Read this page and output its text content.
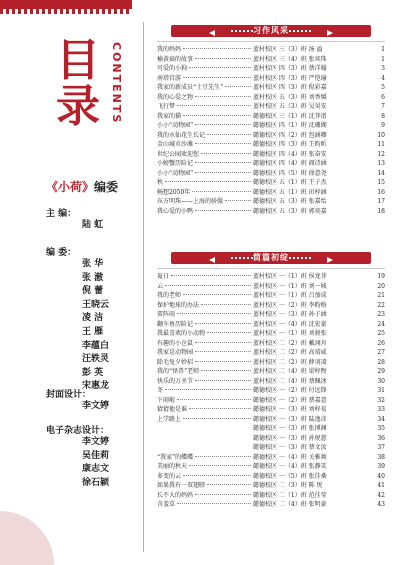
目录 CONTENTS
《小荷》编委
主 编：
陆 虹
编 委：
张 华
张 澈
倪 蕾
王晓云
凌 洁
王 雁
李蕴白
汪轶灵
彭 英
宋惠龙
封面设计：
李文婷
电子杂志设计：
李文婷
吴佳莉
康志文
徐石颖
习作风采
我的妈妈	蓝村校区 三（3）班 汤 溢	1
榆黄菇的故事	蓝村校区 三（4）班 张奕珠	1
可爱的小狗	蓝村校区 四（3）班 蔡洋翰	3
南塔宫游	蓝村校区 四（3）班 严恺瑜	4
我家的新成员“土豆先生”	蓝村校区 四（3）班 倪彩嘉	5
我的心爱之物	蓝村校区 五（3）班 刘香媛	6
飞行梦	蓝村校区 五（3）班 吴昊安	7
我家的猫	懿德校区 三（1）班 沈菲谱	8
小小“动物园”	懿德校区 四（1）班 沈珊瑚	9
我的水仙花生长记	懿德校区 四（2）班 包涵卿	10
金山城市沙滩	懿德校区 四（3）班 王昀昕	11
世纪公园欢迎您	懿德校区 四（4）班 张奋安	12
小螃蟹历险记	懿德校区 四（4）班 阎诗涵	13
小小“动物园”	懿德校区 四（5）班 徐意尧	14
秋	懿德校区 五（1）班 王子杰	15
畅想2050年	懿德校区 五（1）班 田梓涵	16
东方明珠——上海的骄傲	懿德校区 五（3）班 张嘉怡	17
我心爱的小鸭	懿德校区 五（3）班 郭奕嘉	18
简篇初绽
夏日	蓝村校区 一（1）班 侯龙菲	19
云	蓝村校区 一（1）班 刘一城	20
我的老师	蓝村校区 一（1）班 吕加成	21
保护地球的办法	蓝村校区 一（2）班 李昀格	22
雷阵雨	蓝村校区 一（3）班 孙子涵	23
翻车鱼历险记	蓝村校区 一（4）班 沈宏豪	24
我最喜欢的小动物	蓝村校区 一（1）班 刘骏张	25
有趣的小仓鼠	蓝村校区 二（2）班 戴翊舟	26
我家是动物园	蓝村校区 二（2）班 高靖威	27
除毛兔夕妙招	蓝村校区 二（2）班 薛羽凌	28
我的“怪兽”老师	蓝村校区 二（4）班 梁梓煦	29
快乐的万圣节	蓝村校区 二（4）班 蔡佩冰	30
冬	懿德校区 一（2）班 付远锋	31
下雨啦	懿德校区 一（2）班 蔡嘉意	32
猜猜他是谁	懿德校区 一（3）班 刘梓易	33
上学路上	懿德校区 一（3）班 陆逸彦	34
懿德校区 一（3）班 张博渊	35
懿德校区 一（3）班 孙悦慈	36
懿德校区 一（3）班 蔡文汝	37
“我家”的蝶蝶	懿德校区 一（4）班 关雅舞	38
美丽的秋天	懿德校区 一（4）班 张静笑	39
多变的云	懿德校区 一（5）班 张佳桑	40
如果我有一双翅膀	懿德校区 二（3）班 陈 悦	41
长不大的妈妈	懿德校区 二（1）班 范佳莹	42
含羞草	懿德校区 二（4）班 张明豪	43
